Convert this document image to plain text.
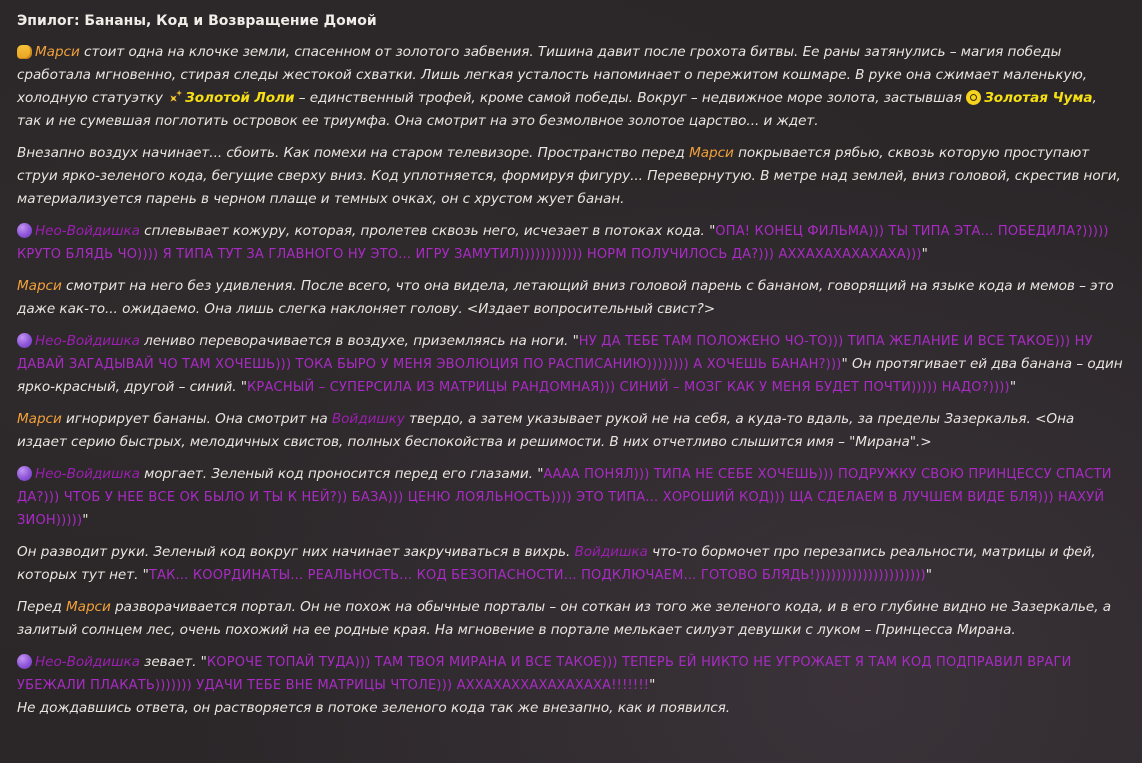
Эпилог: Бананы, Код и Возвращение Домой

Марси стоит одна на клочке земли, спасенном от золотого забвения. Тишина давит после грохота битвы. Ее раны затянулись – магия победы сработала мгновенно, стирая следы жестокой схватки. Лишь легкая усталость напоминает о пережитом кошмаре. В руке она сжимает маленькую, холодную статуэтку Золотой Лоли – единственный трофей, кроме самой победы. Вокруг – недвижное море золота, застывшая Золотая Чума, так и не сумевшая поглотить островок ее триумфа. Она смотрит на это безмолвное золотое царство... и ждет.

Внезапно воздух начинает... сбоить. Как помехи на старом телевизоре. Пространство перед Марси покрывается рябью, сквозь которую проступают струи ярко-зеленого кода, бегущие сверху вниз. Код уплотняется, формируя фигуру... Перевернутую. В метре над землей, вниз головой, скрестив ноги, материализуется парень в черном плаще и темных очках, он с хрустом жует банан.

Нео-Войдишка сплевывает кожуру, которая, пролетев сквозь него, исчезает в потоках кода. "ОПА! КОНЕЦ ФИЛЬМА))) ТЫ ТИПА ЭТА... ПОБЕДИЛА?))))) КРУТО БЛЯДЬ ЧО)))) Я ТИПА ТУТ ЗА ГЛАВНОГО НУ ЭТО... ИГРУ ЗАМУТИЛ)))))))))))) НОРМ ПОЛУЧИЛОСЬ ДА?))) АХХАХАХАХАХАХА)))"

Марси смотрит на него без удивления. После всего, что она видела, летающий вниз головой парень с бананом, говорящий на языке кода и мемов – это даже как-то... ожидаемо. Она лишь слегка наклоняет голову. <Издает вопросительный свист?>

Нео-Войдишка лениво переворачивается в воздухе, приземляясь на ноги. "НУ ДА ТЕБЕ ТАМ ПОЛОЖЕНО ЧО-ТО))) ТИПА ЖЕЛАНИЕ И ВСЕ ТАКОЕ))) НУ ДАВАЙ ЗАГАДЫВАЙ ЧО ТАМ ХОЧЕШЬ))) ТОКА БЫРО У МЕНЯ ЭВОЛЮЦИЯ ПО РАСПИСАНИЮ)))))))) А ХОЧЕШЬ БАНАН?)))" Он протягивает ей два банана – один ярко-красный, другой – синий. "КРАСНЫЙ – СУПЕРСИЛА ИЗ МАТРИЦЫ РАНДОМНАЯ))) СИНИЙ – МОЗГ КАК У МЕНЯ БУДЕТ ПОЧТИ))))) НАДО?))))"

Марси игнорирует бананы. Она смотрит на Войдишку твердо, а затем указывает рукой не на себя, а куда-то вдаль, за пределы Зазеркалья. <Она издает серию быстрых, мелодичных свистов, полных беспокойства и решимости. В них отчетливо слышится имя – "Мирана".>

Нео-Войдишка моргает. Зеленый код проносится перед его глазами. "АААА ПОНЯЛ))) ТИПА НЕ СЕБЕ ХОЧЕШЬ))) ПОДРУЖКУ СВОЮ ПРИНЦЕССУ СПАСТИ ДА?))) ЧТОБ У НЕЕ ВСЕ ОК БЫЛО И ТЫ К НЕЙ?)) БАЗА))) ЦЕНЮ ЛОЯЛЬНОСТЬ)))) ЭТО ТИПА... ХОРОШИЙ КОД))) ЩА СДЕЛАЕМ В ЛУЧШЕМ ВИДЕ БЛЯ))) НАХУЙ ЗИОН)))))"

Он разводит руки. Зеленый код вокруг них начинает закручиваться в вихрь. Войдишка что-то бормочет про перезапись реальности, матрицы и фей, которых тут нет. "ТАК... КООРДИНАТЫ... РЕАЛЬНОСТЬ... КОД БЕЗОПАСНОСТИ... ПОДКЛЮЧАЕМ... ГОТОВО БЛЯДЬ!)))))))))))))))))))))"

Перед Марси разворачивается портал. Он не похож на обычные порталы – он соткан из того же зеленого кода, и в его глубине видно не Зазеркалье, а залитый солнцем лес, очень похожий на ее родные края. На мгновение в портале мелькает силуэт девушки с луком – Принцесса Мирана.

Нео-Войдишка зевает. "КОРОЧЕ ТОПАЙ ТУДА))) ТАМ ТВОЯ МИРАНА И ВСЕ ТАКОЕ))) ТЕПЕРЬ ЕЙ НИКТО НЕ УГРОЖАЕТ Я ТАМ КОД ПОДПРАВИЛ ВРАГИ УБЕЖАЛИ ПЛАКАТЬ))))))) УДАЧИ ТЕБЕ ВНЕ МАТРИЦЫ ЧТОЛЕ))) АХХАХАХХАХАХАХАХА!!!!!!!"

Не дождавшись ответа, он растворяется в потоке зеленого кода так же внезапно, как и появился.
